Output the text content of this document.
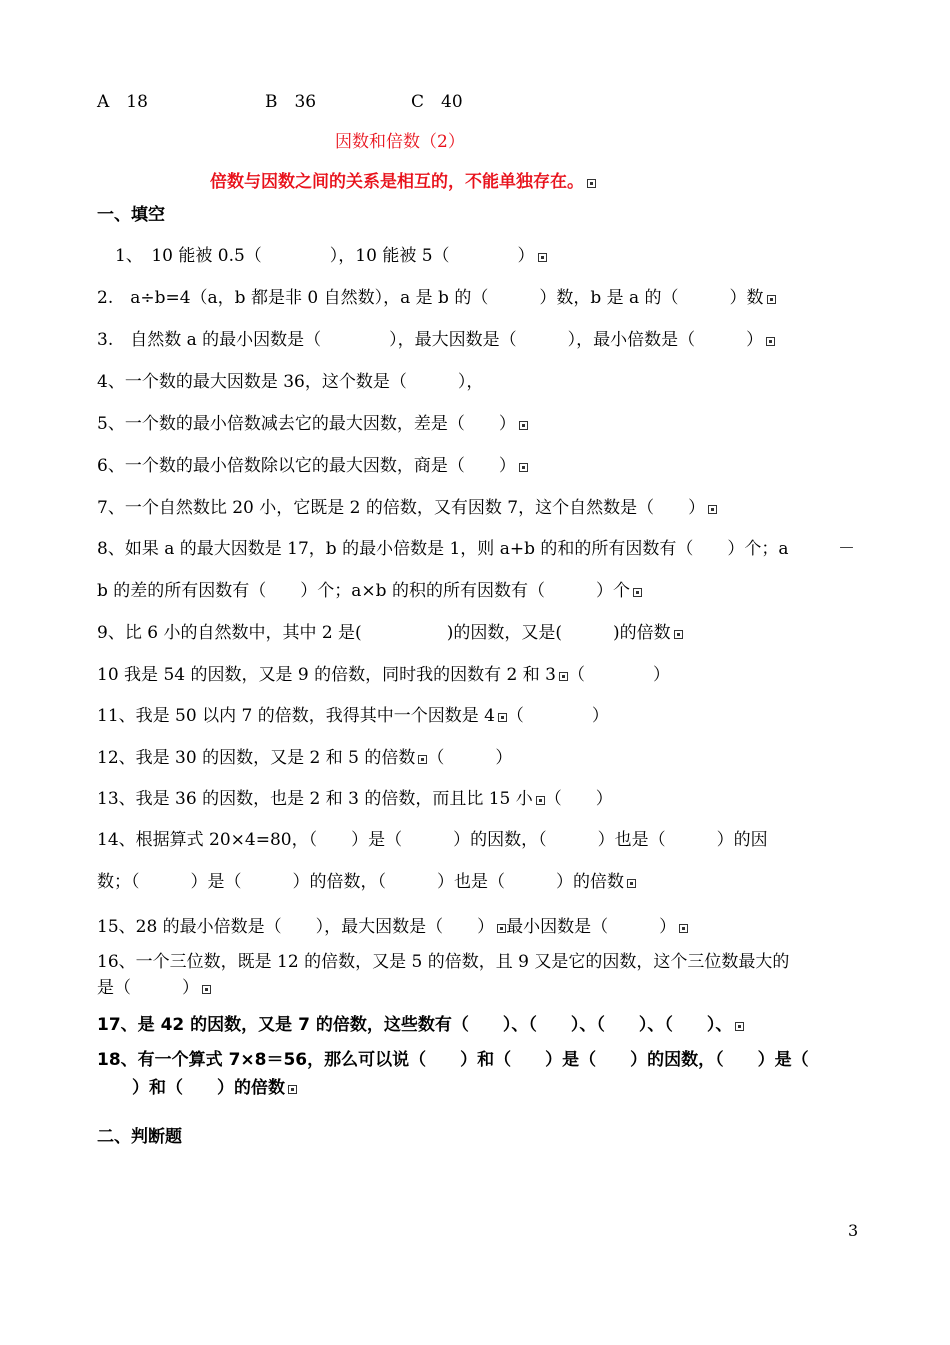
A　18	B　36	C　40
因数和倍数（2）
倍数与因数之间的关系是相互的，不能单独存在。
一、填空
1、　10 能被 0.5（　　　　），10 能被 5（　　　　）
2.　a÷b=4（a，b 都是非 0 自然数），a 是 b 的（　　　）数，b 是 a 的（　　　）数
3.　自然数 a 的最小因数是（　　　　），最大因数是（　　　），最小倍数是（　　　）
4、一个数的最大因数是 36，这个数是（　　　），
5、一个数的最小倍数减去它的最大因数，差是（　　）
6、一个数的最小倍数除以它的最大因数，商是（　　）
7、一个自然数比 20 小，它既是 2 的倍数，又有因数 7，这个自然数是（　　）
8、如果 a 的最大因数是 17，b 的最小倍数是 1，则 a+b 的和的所有因数有（　　）个；a	－
b 的差的所有因数有（　　）个；a×b 的积的所有因数有（　　　）个
9、比 6 小的自然数中，其中 2 是(　　　　　)的因数，又是(　　　)的倍数
10 我是 54 的因数，又是 9 的倍数，同时我的因数有 2 和 3 （　　　　）
11、我是 50 以内 7 的倍数，我得其中一个因数是 4 （　　　　）
12、我是 30 的因数，又是 2 和 5 的倍数 （　　　）
13、我是 36 的因数，也是 2 和 3 的倍数，而且比 15 小 （　　）
14、根据算式 20×4=80，（　　）是（　　　）的因数，（　　　）也是（　　　）的因
数；（　　　）是（　　　）的倍数，（　　　）也是（　　　）的倍数
15、28 的最小倍数是（　　），最大因数是（　　） 最小因数是（　　　）
16、一个三位数，既是 12 的倍数，又是 5 的倍数，且 9 又是它的因数，这个三位数最大的
是（　　　）
17、是 42 的因数，又是 7 的倍数，这些数有（　　）、（　　）、（　　）、（　　）、
18、有一个算式 7×8＝56，那么可以说（　　）和（　　）是（　　）的因数，（　　）是（
）和（　　）的倍数
二、判断题
3
